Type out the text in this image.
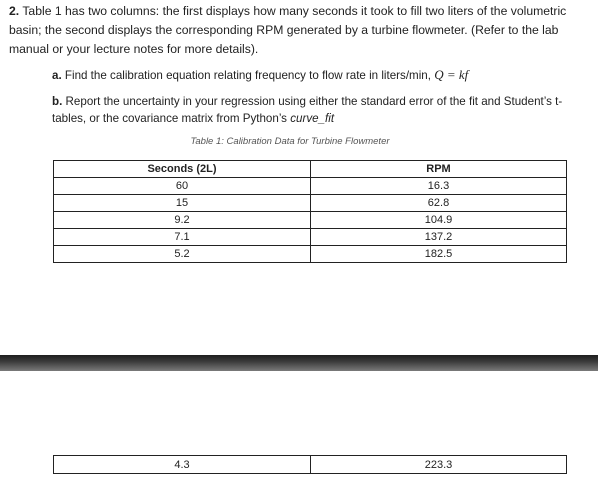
2. Table 1 has two columns: the first displays how many seconds it took to fill two liters of the volumetric basin; the second displays the corresponding RPM generated by a turbine flowmeter. (Refer to the lab manual or your lecture notes for more details).
a. Find the calibration equation relating frequency to flow rate in liters/min, Q = kf
b. Report the uncertainty in your regression using either the standard error of the fit and Student’s t-tables, or the covariance matrix from Python’s curve_fit
Table 1: Calibration Data for Turbine Flowmeter
Seconds (2L)	RPM
60	16.3
15	62.8
9.2	104.9
7.1	137.2
5.2	182.5
4.3	223.3
